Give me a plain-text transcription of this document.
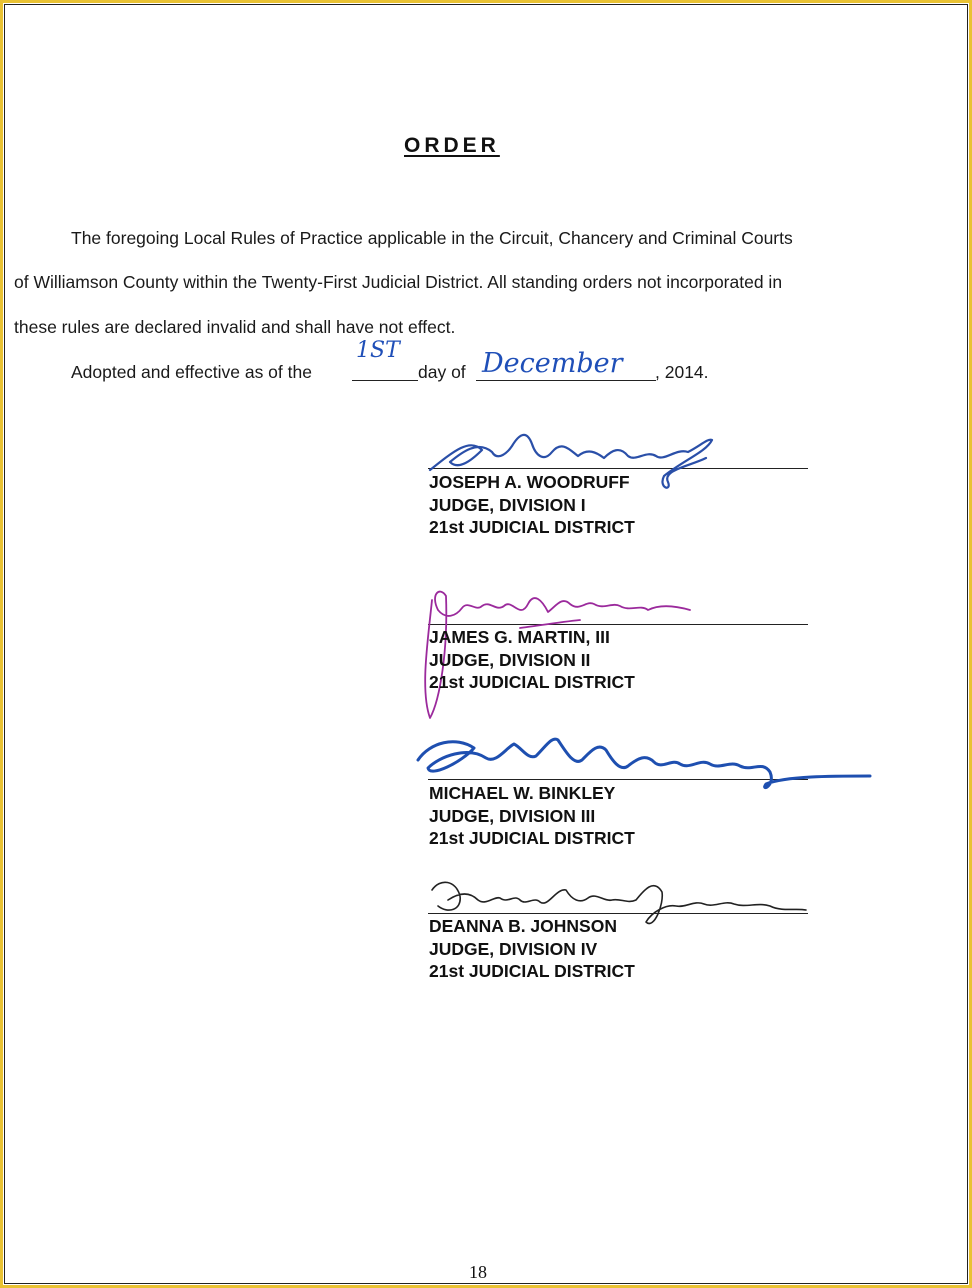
ORDER
The foregoing Local Rules of Practice applicable in the Circuit, Chancery and Criminal Courts
of Williamson County within the Twenty-First Judicial District. All standing orders not incorporated in
these rules are declared invalid and shall have not effect.
Adopted and effective as of the
1ST
day of December , 2014.
JOSEPH A. WOODRUFF
JUDGE, DIVISION I
21st JUDICIAL DISTRICT
JAMES G. MARTIN, III
JUDGE, DIVISION II
21st JUDICIAL DISTRICT
MICHAEL W. BINKLEY
JUDGE, DIVISION III
21st JUDICIAL DISTRICT
DEANNA B. JOHNSON
JUDGE, DIVISION IV
21st JUDICIAL DISTRICT
18
